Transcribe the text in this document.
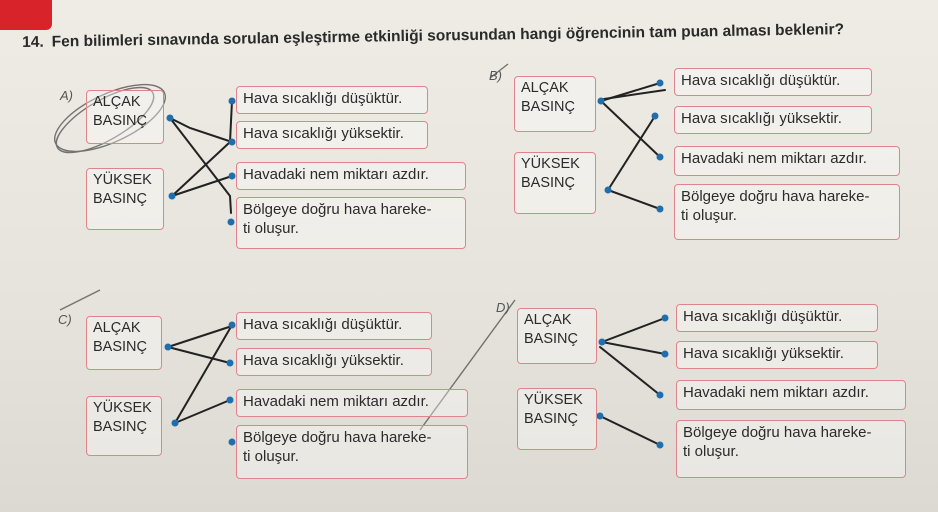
14. Fen bilimleri sınavında sorulan eşleştirme etkinliği sorusundan hangi öğrencinin tam puan alması beklenir?
A) ALÇAK
BASINÇ
YÜKSEK
BASINÇ
Hava sıcaklığı düşüktür.
Hava sıcaklığı yüksektir.
Havadaki nem miktarı azdır.
Bölgeye doğru hava hareke-
ti oluşur.
B)
ALÇAK
BASINÇ
YÜKSEK
BASINÇ
Hava sıcaklığı düşüktür.
Hava sıcaklığı yüksektir.
Havadaki nem miktarı azdır.
Bölgeye doğru hava hareke-
ti oluşur.
C)
ALÇAK
BASINÇ
YÜKSEK
BASINÇ
Hava sıcaklığı düşüktür.
Hava sıcaklığı yüksektir.
Havadaki nem miktarı azdır.
Bölgeye doğru hava hareke-
ti oluşur.
D)
ALÇAK
BASINÇ
YÜKSEK
BASINÇ
Hava sıcaklığı düşüktür.
Hava sıcaklığı yüksektir.
Havadaki nem miktarı azdır.
Bölgeye doğru hava hareke-
ti oluşur.
